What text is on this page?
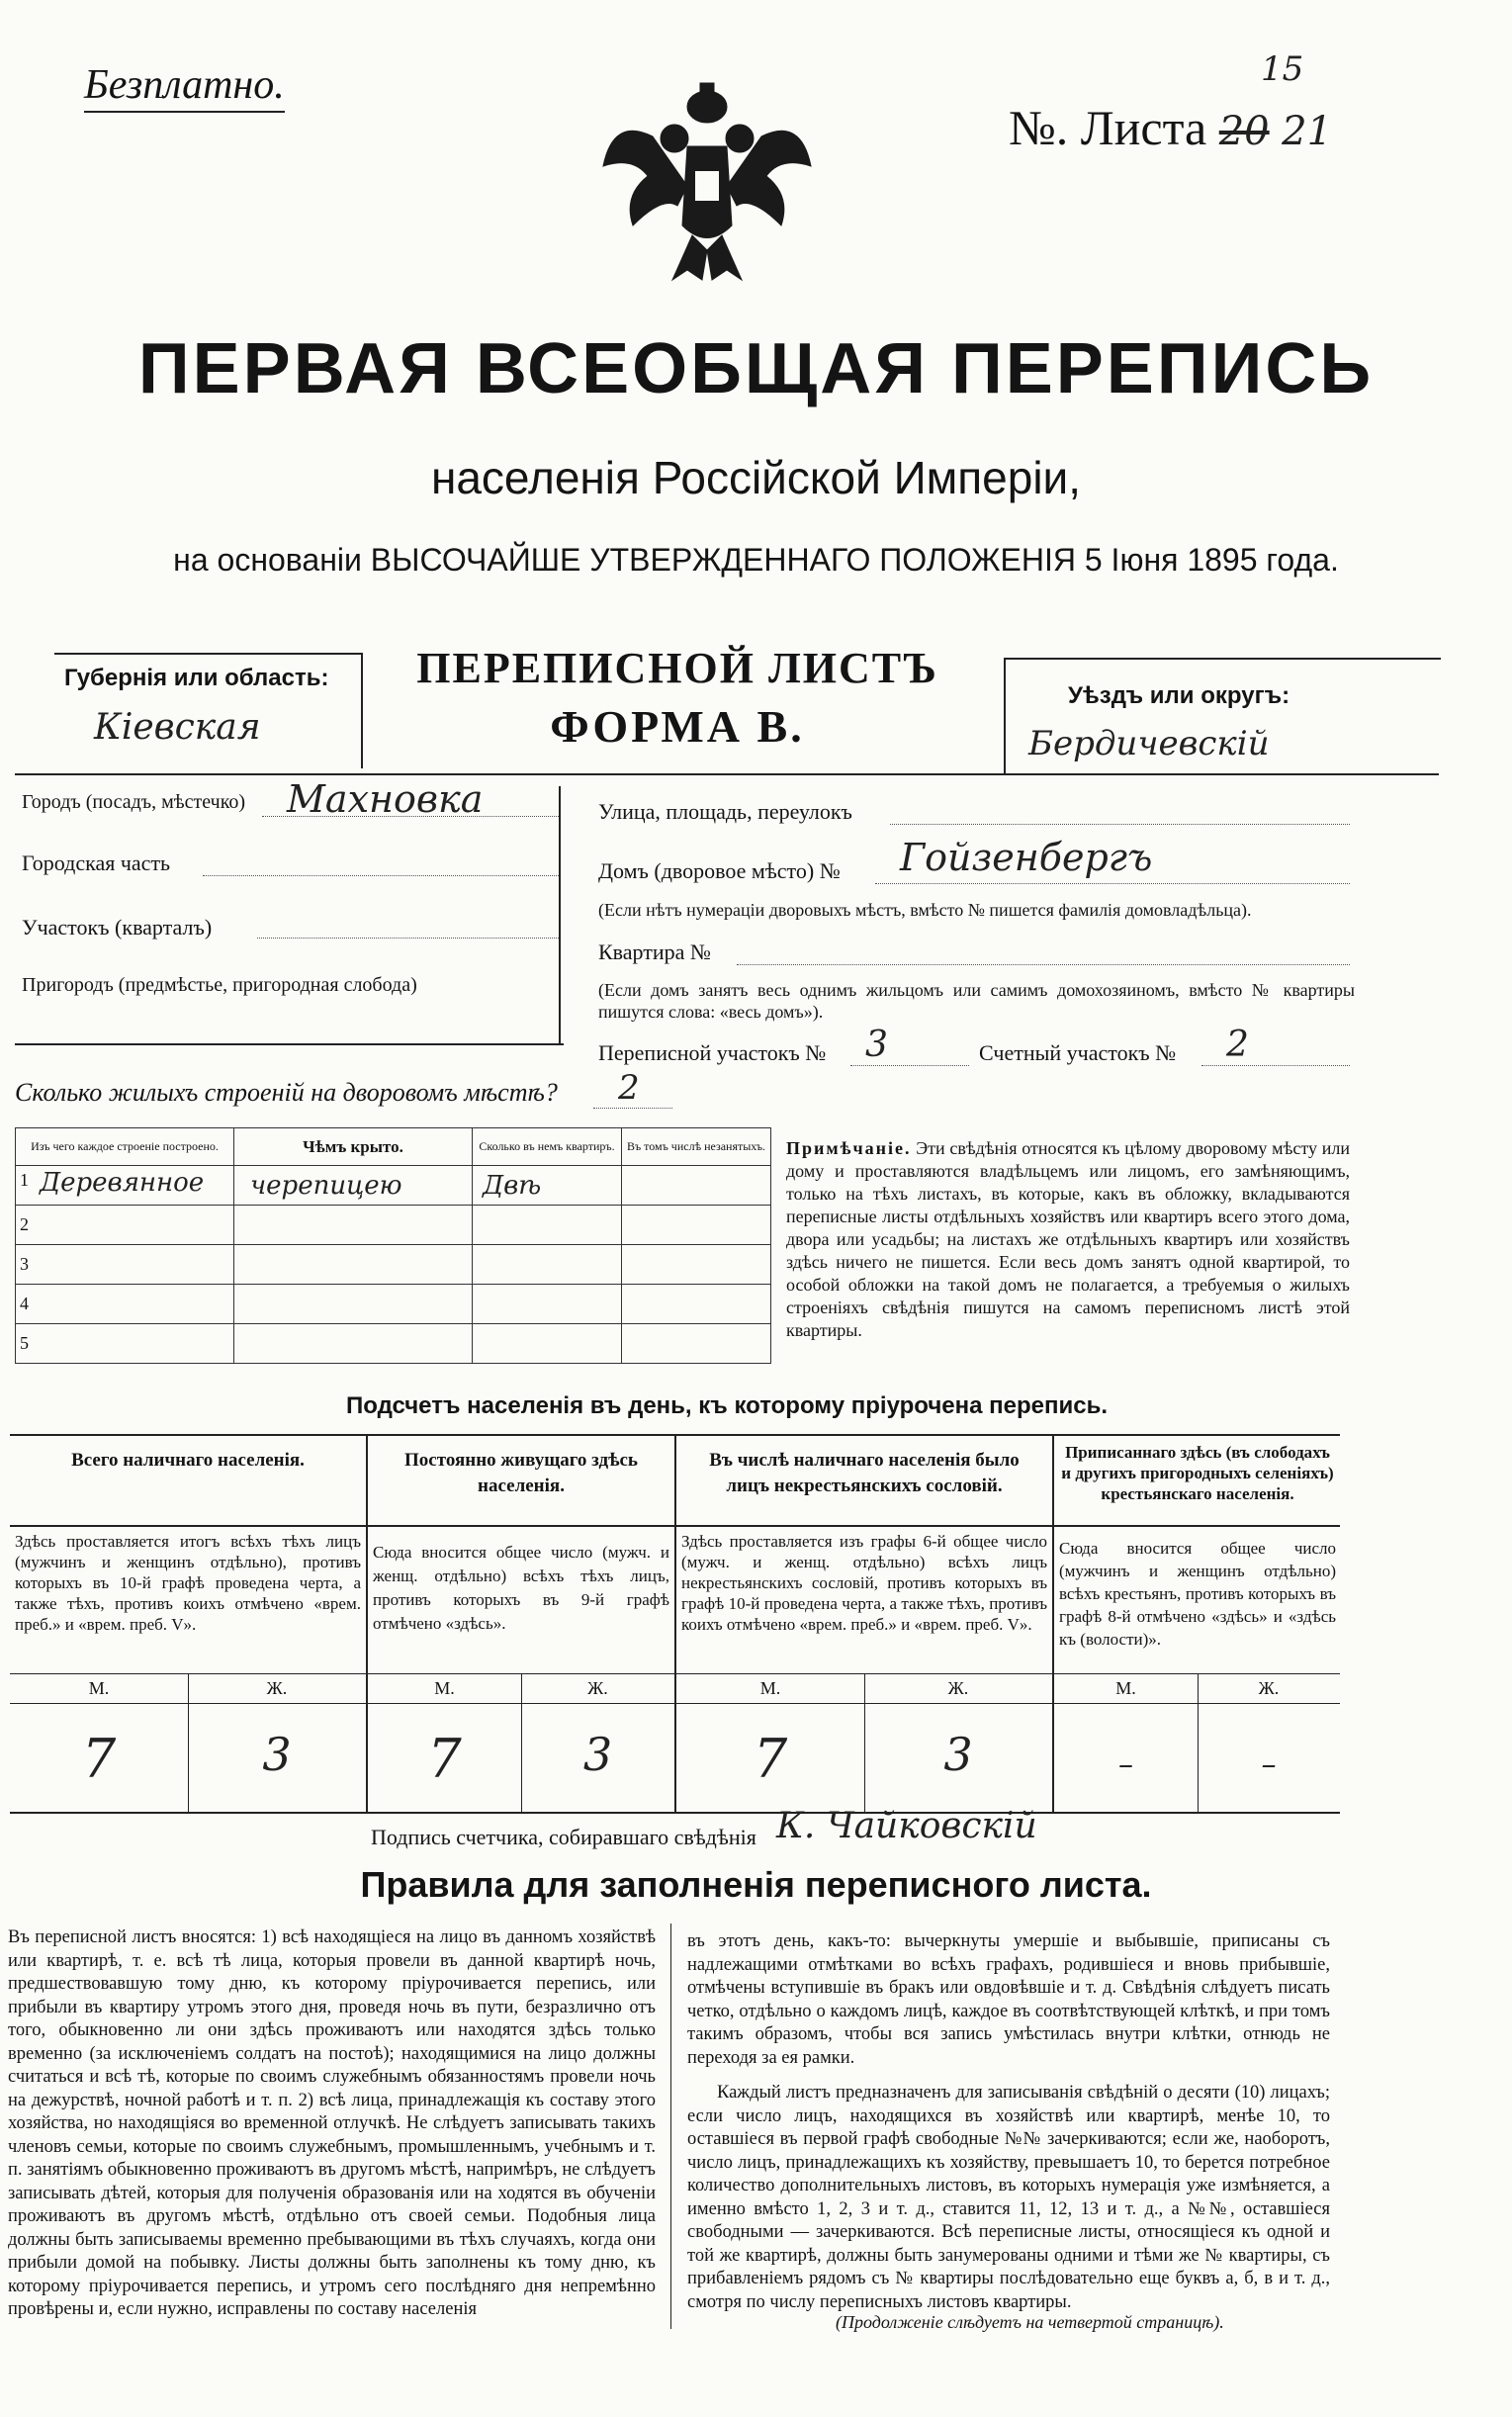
Безплатно.
№. Листа 20 21
15
ПЕРВАЯ ВСЕОБЩАЯ ПЕРЕПИСЬ
населенія Россійской Имперіи,
на основаніи ВЫСОЧАЙШЕ УТВЕРЖДЕННАГО ПОЛОЖЕНІЯ 5 Іюня 1895 года.
Губернія или область:
Кіевская
ПЕРЕПИСНОЙ ЛИСТЪ
ФОРМА В.
Уѣздъ или округъ:
Бердичевскій
Городъ (посадъ, мѣстечко) Махновка
Городская часть
Участокъ (кварталъ)
Пригородъ (предмѣстье, пригородная слобода)
Улица, площадь, переулокъ
Домъ (дворовое мѣсто) № Гойзенбергъ
(Если нѣтъ нумераціи дворовыхъ мѣстъ, вмѣсто № пишется фамилія домовладѣльца).
Квартира №
(Если домъ занятъ весь однимъ жильцомъ или самимъ домохозяиномъ, вмѣсто № квартиры пишутся слова: «весь домъ»).
Переписной участокъ № 3	Счетный участокъ № 2
Сколько жилыхъ строеній на дворовомъ мѣстѣ? 2
Изъ чего каждое строеніе построено.	Чѣмъ крыто.	Сколько въ немъ квартиръ.	Въ томъ числѣ незанятыхъ.

1 Деревянное	черепицею	Двѣ	
2			
3			
4			
5			
Примѣчаніе. Эти свѣдѣнія относятся къ цѣлому дворовому мѣсту или дому и проставляются владѣльцемъ или лицомъ, его замѣняющимъ, только на тѣхъ листахъ, въ которые, какъ въ обложку, вкладываются переписные листы отдѣльныхъ хозяйствъ или квартиръ всего этого дома, двора или усадьбы; на листахъ же отдѣльныхъ квартиръ или хозяйствъ здѣсь ничего не пишется. Если весь домъ занятъ одной квартирой, то особой обложки на такой домъ не полагается, а требуемыя о жилыхъ строеніяхъ свѣдѣнія пишутся на самомъ переписномъ листѣ этой квартиры.
Подсчетъ населенія въ день, къ которому пріурочена перепись.
Всего наличнаго населенія.
Здѣсь проставляется итогъ всѣхъ тѣхъ лицъ (мужчинъ и женщинъ отдѣльно), противъ которыхъ въ 10-й графѣ проведена черта, а также тѣхъ, противъ коихъ отмѣчено «врем. преб.» и «врем. преб. V».
М.	Ж.
7	3
Постоянно живущаго здѣсь населенія.
Сюда вносится общее число (мужч. и женщ. отдѣльно) всѣхъ тѣхъ лицъ, противъ которыхъ въ 9-й графѣ отмѣчено «здѣсь».
М.	Ж.
7	3
Въ числѣ наличнаго населенія было лицъ некрестьянскихъ сословій.
Здѣсь проставляется изъ графы 6-й общее число (мужч. и женщ. отдѣльно) всѣхъ лицъ некрестьянскихъ сословій, противъ которыхъ въ графѣ 10-й проведена черта, а также тѣхъ, противъ коихъ отмѣчено «врем. преб.» и «врем. преб. V».
М.	Ж.
7	3
Приписаннаго здѣсь (въ слободахъ и другихъ пригородныхъ селеніяхъ) крестьянскаго населенія.
Сюда вносится общее число (мужчинъ и женщинъ отдѣльно) всѣхъ крестьянъ, противъ которыхъ въ графѣ 8-й отмѣчено «здѣсь» и «здѣсь къ (волости)».
М.	Ж.
–	–
Подпись счетчика, собиравшаго свѣдѣнія К. Чайковскій
Правила для заполненія переписного листа.
Въ переписной листъ вносятся: 1) всѣ находящіеся на лицо въ данномъ хозяйствѣ или квартирѣ, т. е. всѣ тѣ лица, которыя провели въ данной квартирѣ ночь, предшествовавшую тому дню, къ которому пріурочивается перепись, или прибыли въ квартиру утромъ этого дня, проведя ночь въ пути, безразлично отъ того, обыкновенно ли они здѣсь проживаютъ или находятся здѣсь только временно (за исключеніемъ солдатъ на постоѣ); находящимися на лицо должны считаться и всѣ тѣ, которые по своимъ служебнымъ обязанностямъ провели ночь на дежурствѣ, ночной работѣ и т. п. 2) всѣ лица, принадлежащія къ составу этого хозяйства, но находящіяся во временной отлучкѣ. Не слѣдуетъ записывать такихъ членовъ семьи, которые по своимъ служебнымъ, промышленнымъ, учебнымъ и т. п. занятіямъ обыкновенно проживаютъ въ другомъ мѣстѣ, напримѣръ, не слѣдуетъ записывать дѣтей, которыя для полученія образованія или на ходятся въ обученіи проживаютъ въ другомъ мѣстѣ, отдѣльно отъ своей семьи. Подобныя лица должны быть записываемы временно пребывающими въ тѣхъ случаяхъ, когда они прибыли домой на побывку. Листы должны быть заполнены къ тому дню, къ которому пріурочивается перепись, и утромъ сего послѣдняго дня непремѣнно провѣрены и, если нужно, исправлены по составу населенія
въ этотъ день, какъ-то: вычеркнуты умершіе и выбывшіе, приписаны съ надлежащими отмѣтками во всѣхъ графахъ, родившіеся и вновь прибывшіе, отмѣчены вступившіе въ бракъ или овдовѣвшіе и т. д. Свѣдѣнія слѣдуетъ писать четко, отдѣльно о каждомъ лицѣ, каждое въ соотвѣтствующей клѣткѣ, и при томъ такимъ образомъ, чтобы вся запись умѣстилась внутри клѣтки, отнюдь не переходя за ея рамки.
Каждый листъ предназначенъ для записыванія свѣдѣній о десяти (10) лицахъ; если число лицъ, находящихся въ хозяйствѣ или квартирѣ, менѣе 10, то оставшіеся въ первой графѣ свободные №№ зачеркиваются; если же, наоборотъ, число лицъ, принадлежащихъ къ хозяйству, превышаетъ 10, то берется потребное количество дополнительныхъ листовъ, въ которыхъ нумерація уже измѣняется, а именно вмѣсто 1, 2, 3 и т. д., ставится 11, 12, 13 и т. д., а №№, оставшіеся свободными — зачеркиваются. Всѣ переписные листы, относящіеся къ одной и той же квартирѣ, должны быть занумерованы одними и тѣми же № квартиры, съ прибавленіемъ рядомъ съ № квартиры послѣдовательно еще буквъ а, б, в и т. д., смотря по числу переписныхъ листовъ квартиры.
(Продолженіе слѣдуетъ на четвертой страницѣ).
